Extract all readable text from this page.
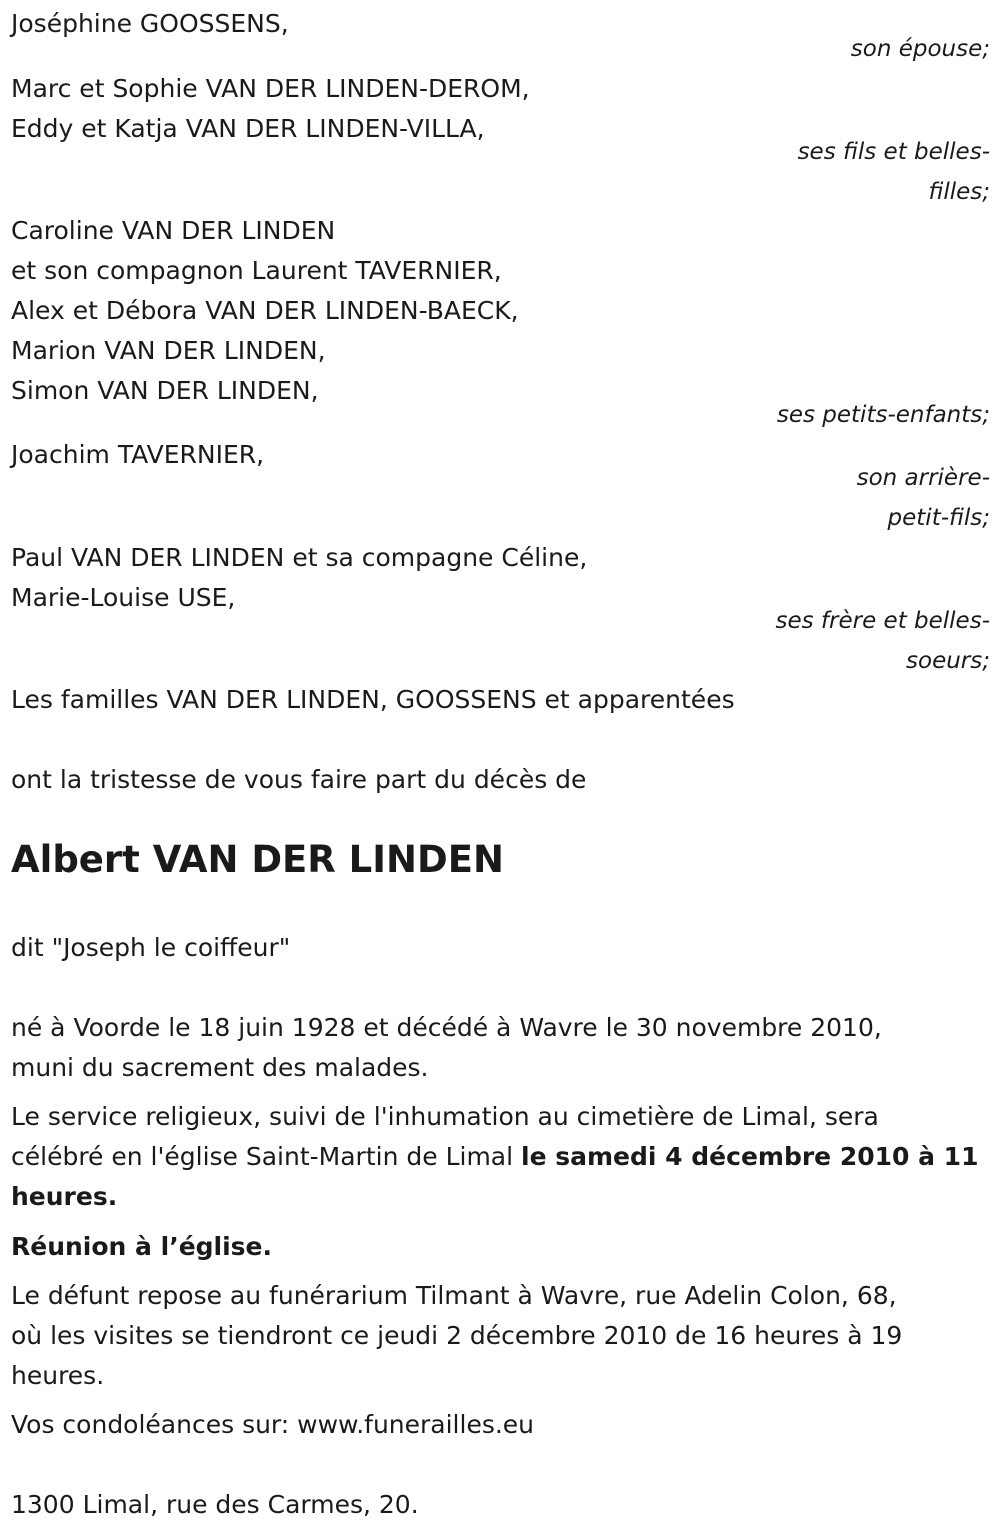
Joséphine GOOSSENS,

son épouse;

Marc et Sophie VAN DER LINDEN-DEROM,

Eddy et Katja VAN DER LINDEN-VILLA,

ses fils et belles-

filles;

Caroline VAN DER LINDEN

et son compagnon Laurent TAVERNIER,

Alex et Débora VAN DER LINDEN-BAECK,

Marion VAN DER LINDEN,

Simon VAN DER LINDEN,

ses petits-enfants;

Joachim TAVERNIER,

son arrière-

petit-fils;

Paul VAN DER LINDEN et sa compagne Céline,

Marie-Louise USE,

ses frère et belles-

soeurs;

Les familles VAN DER LINDEN, GOOSSENS et apparentées

ont la tristesse de vous faire part du décès de

Albert VAN DER LINDEN

dit "Joseph le coiffeur"

né à Voorde le 18 juin 1928 et décédé à Wavre le 30 novembre 2010,

muni du sacrement des malades.

Le service religieux, suivi de l'inhumation au cimetière de Limal, sera

célébré en l'église Saint-Martin de Limal le samedi 4 décembre 2010 à 11

heures.

Réunion à l’église.

Le défunt repose au funérarium Tilmant à Wavre, rue Adelin Colon, 68,

où les visites se tiendront ce jeudi 2 décembre 2010 de 16 heures à 19

heures.

Vos condoléances sur: www.funerailles.eu

1300 Limal, rue des Carmes, 20.
